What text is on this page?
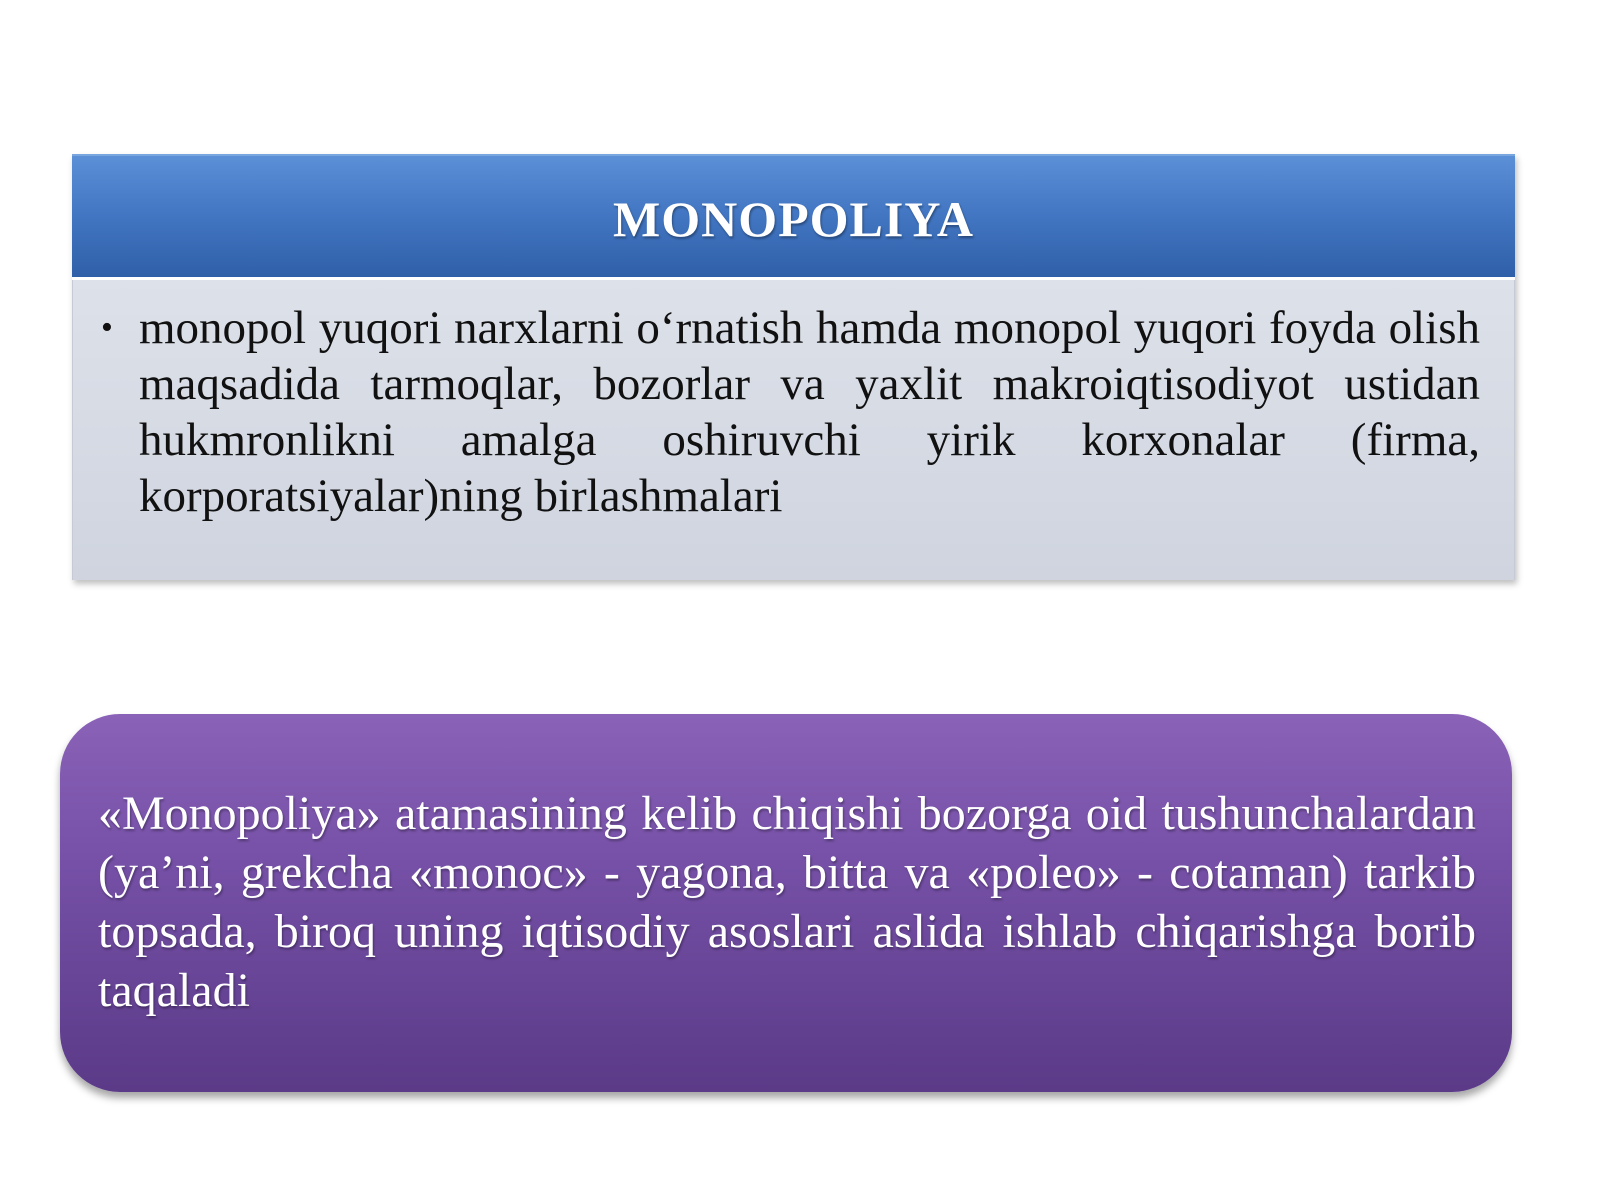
MONOPOLIYA
• monopol yuqori narxlarni o‘rnatish hamda monopol yuqori foyda olish maqsadida tarmoqlar, bozorlar va yaxlit makroiqtisodiyot ustidan hukmronlikni amalga oshiruvchi yirik korxonalar (firma, korporatsiyalar)ning birlashmalari
«Monopoliya» atamasining kelib chiqishi bozorga oid tushunchalardan (ya’ni, grekcha «monoc» - yagona, bitta va «poleo» - cotaman) tarkib topsada, biroq uning iqtisodiy asoslari aslida ishlab chiqarishga borib taqaladi
